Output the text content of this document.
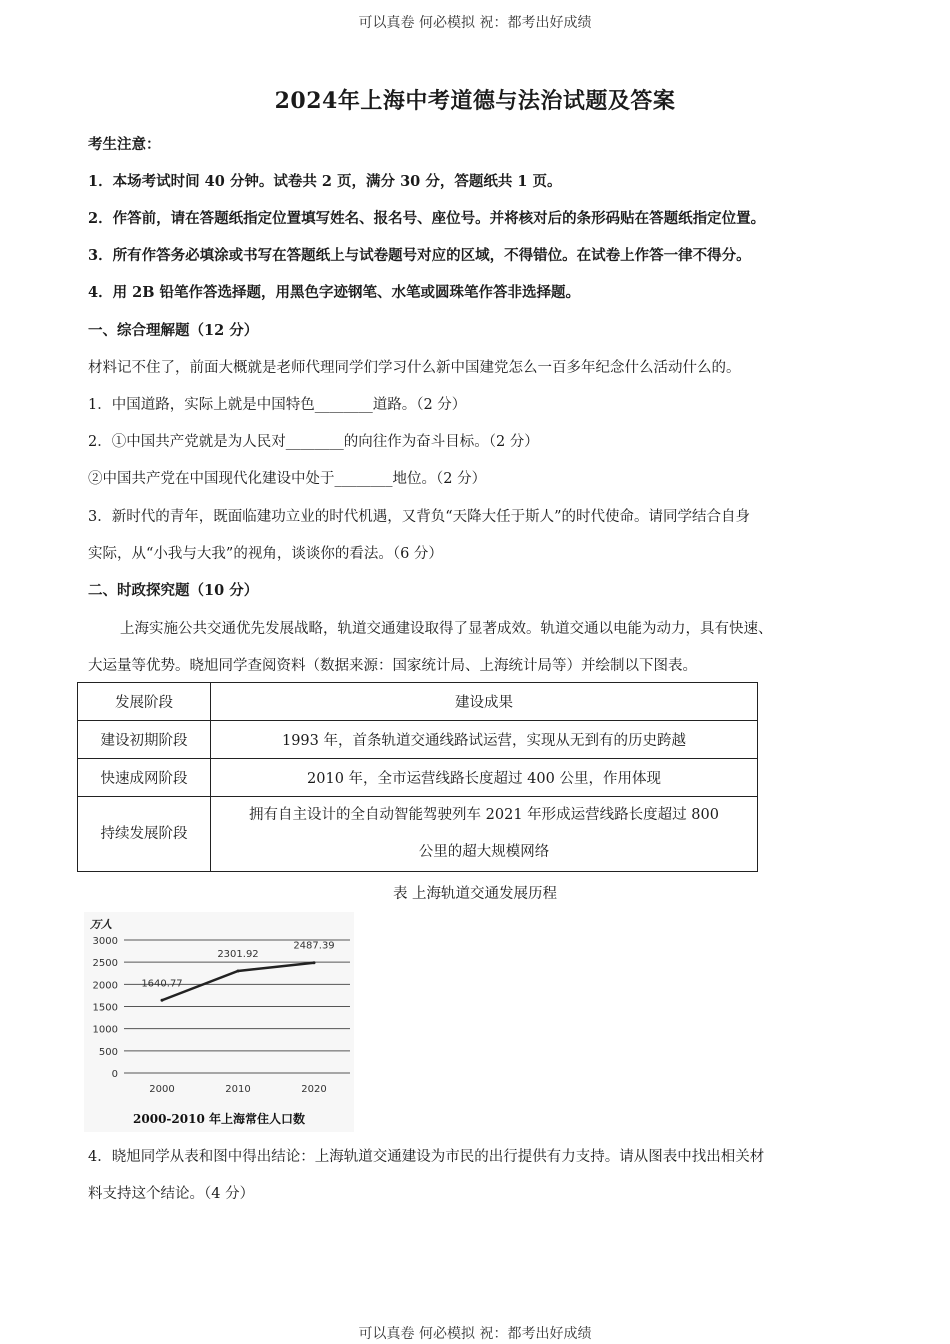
可以真卷 何必模拟 祝：都考出好成绩
2024年上海中考道德与法治试题及答案
考生注意：
1．本场考试时间 40 分钟。试卷共 2 页，满分 30 分，答题纸共 1 页。
2．作答前，请在答题纸指定位置填写姓名、报名号、座位号。并将核对后的条形码贴在答题纸指定位置。
3．所有作答务必填涂或书写在答题纸上与试卷题号对应的区域，不得错位。在试卷上作答一律不得分。
4．用 2B 铅笔作答选择题，用黑色字迹钢笔、水笔或圆珠笔作答非选择题。
一、综合理解题（12 分）
材料记不住了，前面大概就是老师代理同学们学习什么新中国建党怎么一百多年纪念什么活动什么的。
1．中国道路，实际上就是中国特色________道路。（2 分）
2．①中国共产党就是为人民对________的向往作为奋斗目标。（2 分）
②中国共产党在中国现代化建设中处于________地位。（2 分）
3．新时代的青年，既面临建功立业的时代机遇，又背负“天降大任于斯人”的时代使命。请同学结合自身
实际，从“小我与大我”的视角，谈谈你的看法。（6 分）
二、时政探究题（10 分）
上海实施公共交通优先发展战略，轨道交通建设取得了显著成效。轨道交通以电能为动力，具有快速、
大运量等优势。晓旭同学查阅资料（数据来源：国家统计局、上海统计局等）并绘制以下图表。
发展阶段	建设成果
建设初期阶段	1993 年，首条轨道交通线路试运营，实现从无到有的历史跨越
快速成网阶段	2010 年，全市运营线路长度超过 400 公里，作用体现
持续发展阶段	拥有自主设计的全自动智能驾驶列车 2021 年形成运营线路长度超过 800
公里的超大规模网络
表 上海轨道交通发展历程
万人
3000
2500
2000
1500
1000
500
0
2000	2010	2020
1640.77
2301.92
2487.39
2000-2010 年上海常住人口数
4．晓旭同学从表和图中得出结论：上海轨道交通建设为市民的出行提供有力支持。请从图表中找出相关材
料支持这个结论。（4 分）
可以真卷 何必模拟 祝：都考出好成绩
